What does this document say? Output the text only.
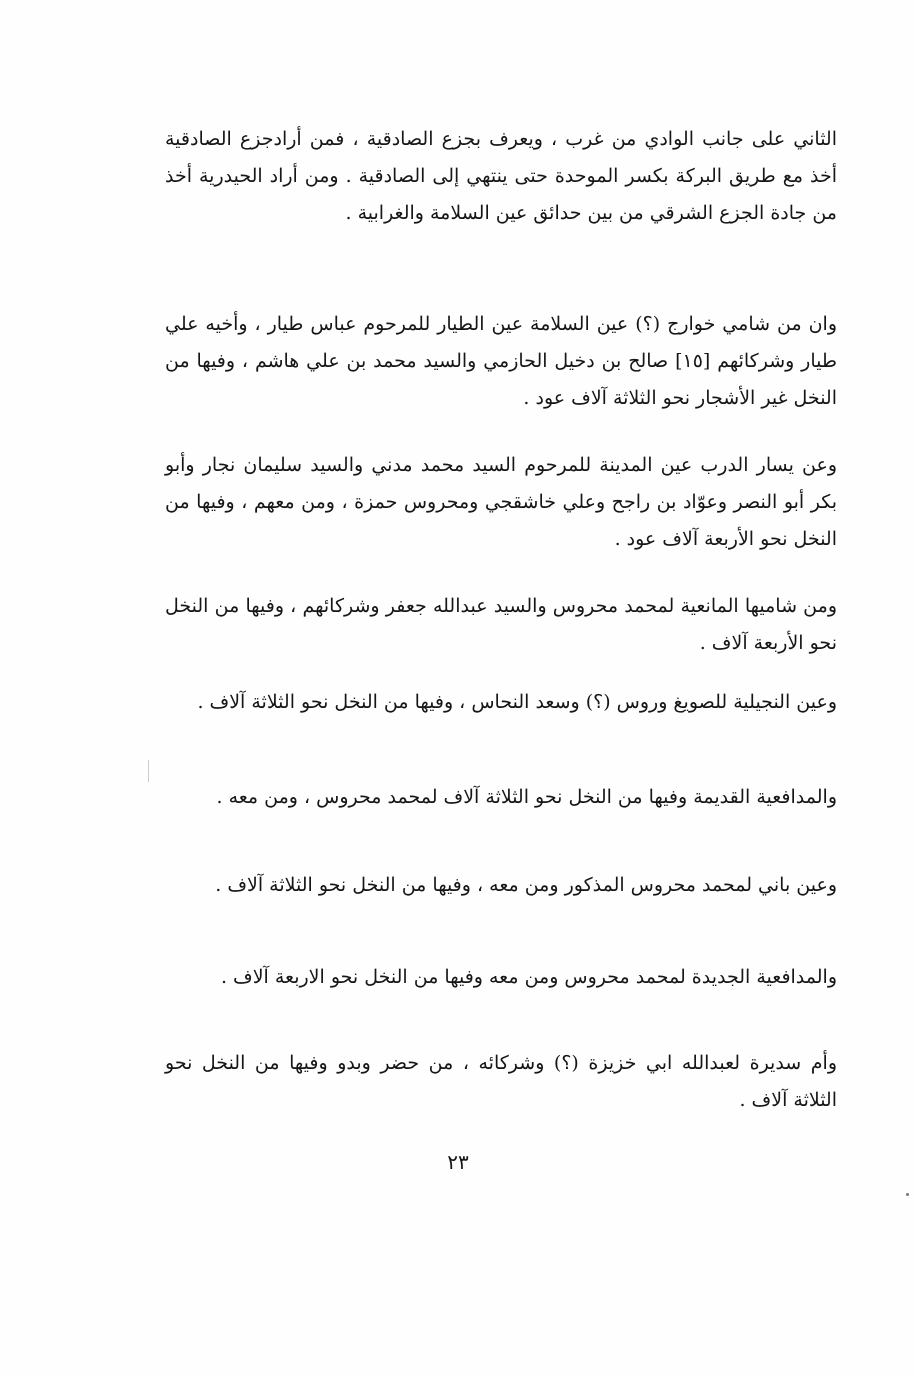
الثاني على جانب الوادي من غرب ، ويعرف بجزع الصادقية ، فمن أرادجزع الصادقية أخذ مع طريق البركة بكسر الموحدة حتى ينتهي إلى الصادقية . ومن أراد الحيدرية أخذ من جادة الجزع الشرقي من بين حدائق عين السلامة والغرابية .
وان من شامي خوارج (؟) عين السلامة عين الطيار للمرحوم عباس طيار ، وأخيه علي طيار وشركائهم [١٥] صالح بن دخيل الحازمي والسيد محمد بن علي هاشم ، وفيها من النخل غير الأشجار نحو الثلاثة آلاف عود .
وعن يسار الدرب عين المدينة للمرحوم السيد محمد مدني والسيد سليمان نجار وأبو بكر أبو النصر وعوّاد بن راجح وعلي خاشقجي ومحروس حمزة ، ومن معهم ، وفيها من النخل نحو الأربعة آلاف عود .
ومن شاميها المانعية لمحمد محروس والسيد عبدالله جعفر وشركائهم ، وفيها من النخل نحو الأربعة آلاف .
وعين النجيلية للصويغ وروس (؟) وسعد النحاس ، وفيها من النخل نحو الثلاثة آلاف .
والمدافعية القديمة وفيها من النخل نحو الثلاثة آلاف لمحمد محروس ، ومن معه .
وعين باني لمحمد محروس المذكور ومن معه ، وفيها من النخل نحو الثلاثة آلاف .
والمدافعية الجديدة لمحمد محروس ومن معه وفيها من النخل نحو الاربعة آلاف .
وأم سديرة لعبدالله ابي خزيزة (؟) وشركائه ، من حضر وبدو وفيها من النخل نحو الثلاثة آلاف .
٢٣
